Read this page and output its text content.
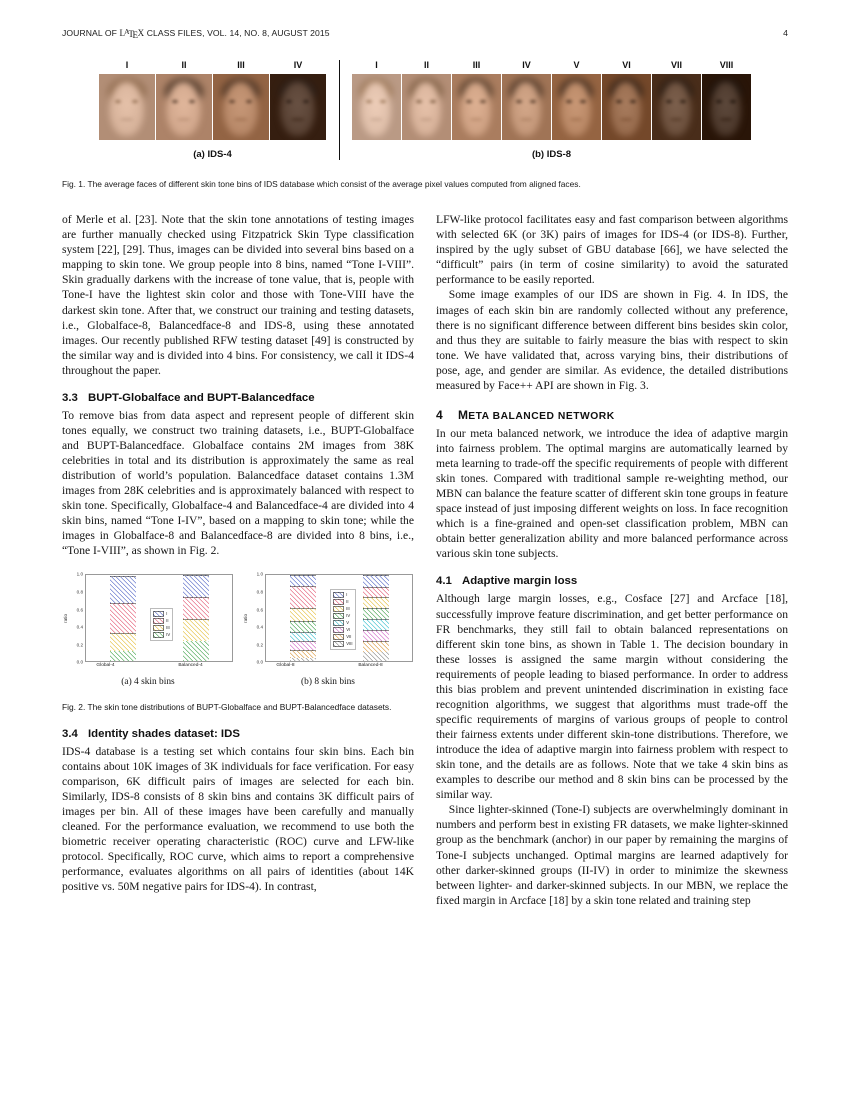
JOURNAL OF $L^ATEX$ CLASS FILES, VOL. 14, NO. 8, AUGUST 2015	4
I	II	III	IV
(a) IDS-4
I	II	III	IV	V	VI	VII	VIII
(b) IDS-8
Fig. 1. The average faces of different skin tone bins of IDS database which consist of the average pixel values computed from aligned faces.

of Merle et al. [23]. Note that the skin tone annotations of testing images are further manually checked using Fitzpatrick Skin Type classification system [22], [29]. Thus, images can be divided into several bins based on a mapping to skin tone. We group people into 8 bins, named “Tone I-VIII”. Skin gradually darkens with the increase of tone value, that is, people with Tone-I have the lightest skin color and those with Tone-VIII have the darkest skin tone. After that, we construct our training and testing datasets, i.e., Globalface-8, Balancedface-8 and IDS-8, using these annotated images. Our recently published RFW testing dataset [49] is constructed by the similar way and is divided into 4 bins. For consistency, we call it IDS-4 throughout the paper.

3.3 BUPT-Globalface and BUPT-Balancedface

To remove bias from data aspect and represent people of different skin tones equally, we construct two training datasets, i.e., BUPT-Globalface and BUPT-Balancedface. Globalface contains 2M images from 38K celebrities in total and its distribution is approximately the same as real distribution of world’s population. Balancedface dataset contains 1.3M images from 28K celebrities and is approximately balanced with respect to skin tone. Specifically, Globalface-4 and Balancedface-4 are divided into 4 skin bins, named “Tone I-IV”, based on a mapping to skin tone; while the images in Globalface-8 and Balancedface-8 are divided into 8 bins, i.e., “Tone I-VIII”, as shown in Fig. 2.

ratio
0.0
0.2
0.4
0.6
0.8
1.0
I
II
III
IV
Global-4	Balanced-4
(a) 4 skin bins
ratio
0.0
0.2
0.4
0.6
0.8
1.0
I
II
III
IV
V
VI
VII
VIII
Global-8	Balanced-8
(b) 8 skin bins
Fig. 2. The skin tone distributions of BUPT-Globalface and BUPT-Balancedface datasets.
3.4 Identity shades dataset: IDS

IDS-4 database is a testing set which contains four skin bins. Each bin contains about 10K images of 3K individuals for face verification. For easy comparison, 6K difficult pairs of images are selected for each bin. Similarly, IDS-8 consists of 8 skin bins and contains 3K difficult pairs of images per bin. All of these images have been carefully and manually cleaned. For the performance evaluation, we recommend to use both the biometric receiver operating characteristic (ROC) curve and LFW-like protocol. Specifically, ROC curve, which aims to report a comprehensive performance, evaluates algorithms on all pairs of identities (about 14K positive vs. 50M negative pairs for IDS-4). In contrast,

LFW-like protocol facilitates easy and fast comparison between algorithms with selected 6K (or 3K) pairs of images for IDS-4 (or IDS-8). Further, inspired by the ugly subset of GBU database [66], we have selected the “difficult” pairs (in term of cosine similarity) to avoid the saturated performance to be easily reported.

Some image examples of our IDS are shown in Fig. 4. In IDS, the images of each skin bin are randomly collected without any preference, there is no significant difference between different bins besides skin color, and thus they are suitable to fairly measure the bias with respect to skin tone. We have validated that, across varying bins, their distributions of pose, age, and gender are similar. As evidence, the detailed distributions measured by Face++ API are shown in Fig. 3.

4 META BALANCED NETWORK

In our meta balanced network, we introduce the idea of adaptive margin into fairness problem. The optimal margins are automatically learned by meta learning to trade-off the specific requirements of people with different skin tones. Compared with traditional sample re-weighting method, our MBN can balance the feature scatter of different skin tone groups in feature space instead of just imposing different weights on loss. In face recognition which is a fine-grained and open-set classification problem, MBN can obtain better generalization ability and more balanced performance across various skin tone subjects.

4.1 Adaptive margin loss

Although large margin losses, e.g., Cosface [27] and Arcface [18], successfully improve feature discrimination, and get better performance on FR benchmarks, they still fail to obtain balanced representations on different skin tone bins, as shown in Table 1. The decision boundary in these losses is assigned the same margin without considering the requirements of people leading to biased performance. In order to address this bias problem and prevent unintended discrimination in existing face recognition algorithms, we suggest that algorithms must trade-off the specific requirements of margins of various groups of people to control their fairness extents under different skin-tone distributions. Therefore, we introduce the idea of adaptive margin into fairness problem with respect to skin tone, and the details are as follows. Note that we take 4 skin bins as examples to describe our method and 8 skin bins can be processed by the similar way.

Since lighter-skinned (Tone-I) subjects are overwhelmingly dominant in numbers and perform best in existing FR datasets, we make lighter-skinned group as the benchmark (anchor) in our paper by remaining the margins of Tone-I subjects unchanged. Optimal margins are learned adaptively for other darker-skinned groups (II-IV) in order to minimize the skewness between lighter- and darker-skinned subjects. In our MBN, we replace the fixed margin in Arcface [18] by a skin tone related and training step
